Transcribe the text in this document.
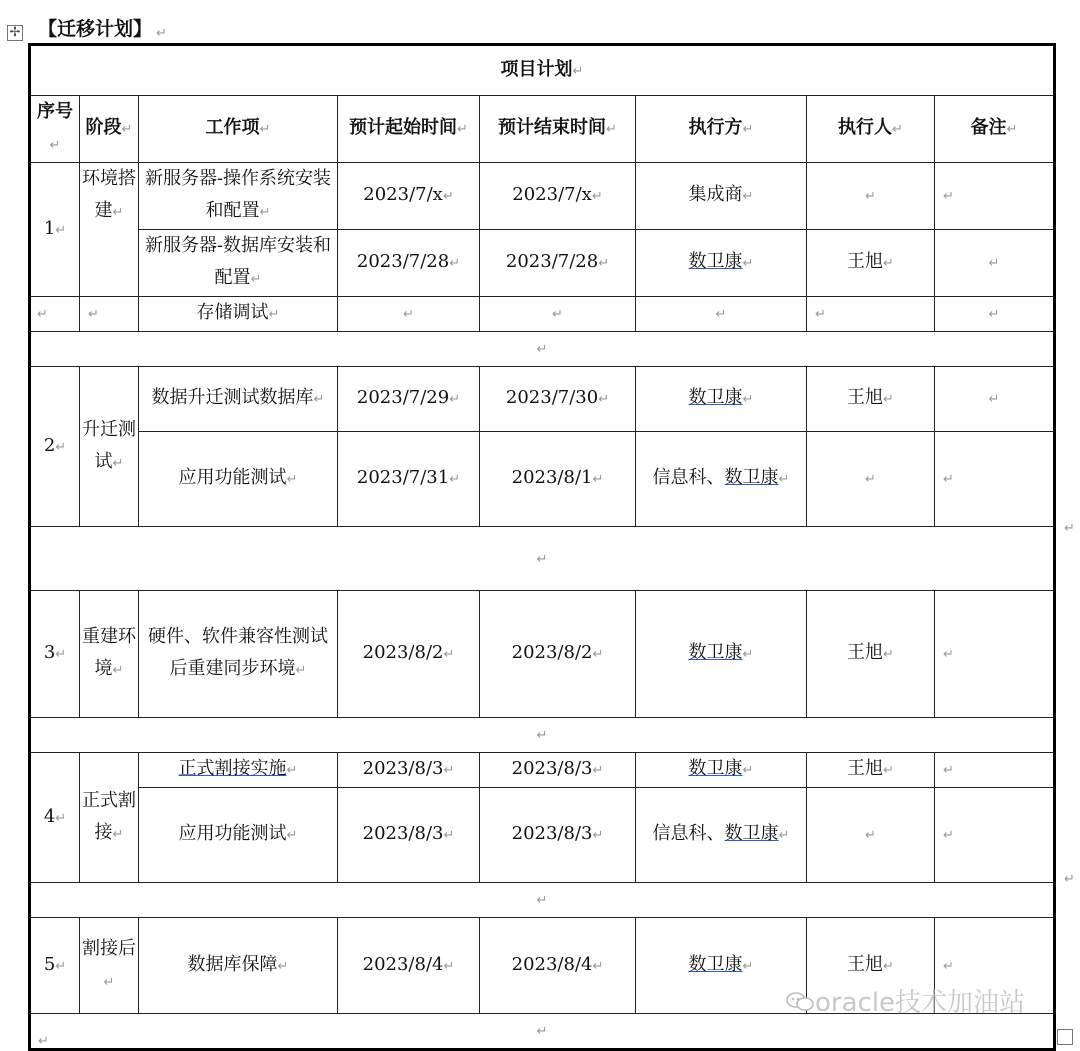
✢ 【迁移计划】 ↵
项目计划↵							
序号↵	阶段↵	工作项↵	预计起始时间↵	预计结束时间↵	执行方↵	执行人↵	备注↵
1↵	环境搭建↵	新服务器-操作系统安装和配置↵	2023/7/x↵	2023/7/x↵	集成商↵	↵	↵
		新服务器-数据库安装和配置↵	2023/7/28↵	2023/7/28↵	数卫康↵	王旭↵	↵
↵	↵	存储调试↵	↵	↵	↵	↵	↵
↵							
2↵	升迁测试↵	数据升迁测试数据库↵	2023/7/29↵	2023/7/30↵	数卫康↵	王旭↵	↵
		应用功能测试↵	2023/7/31↵	2023/8/1↵	信息科、数卫康↵	↵	↵
↵							
3↵	重建环境↵	硬件、软件兼容性测试后重建同步环境↵	2023/8/2↵	2023/8/2↵	数卫康↵	王旭↵	↵
↵							
4↵	正式割接↵	正式割接实施↵	2023/8/3↵	2023/8/3↵	数卫康↵	王旭↵	↵
		应用功能测试↵	2023/8/3↵	2023/8/3↵	信息科、数卫康↵	↵	↵
↵							
5↵	割接后↵	数据库保障↵	2023/8/4↵	2023/8/4↵	数卫康↵	王旭↵	↵
↵							
↵
↵
oracle技术加油站
↵
